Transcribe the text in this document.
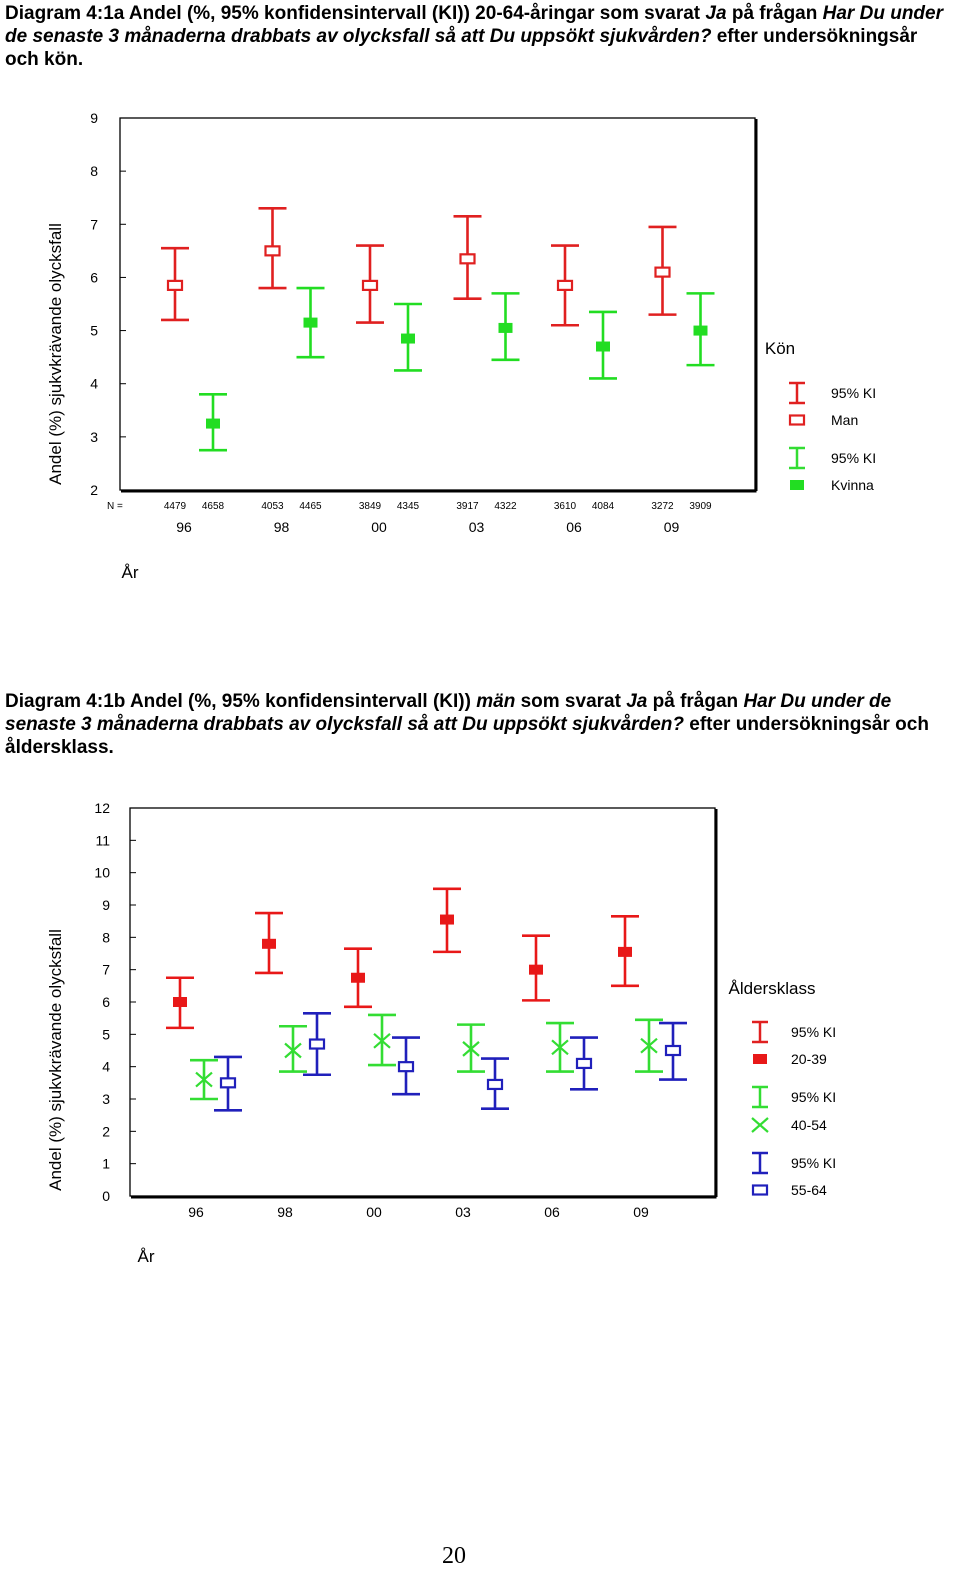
Diagram 4:1a Andel (%, 95% konfidensintervall (KI)) 20-64-åringar som svarat Ja på frågan Har Du under de senaste 3 månaderna drabbats av olycksfall så att Du uppsökt sjukvården? efter undersökningsår och kön.
Diagram 4:1b Andel (%, 95% konfidensintervall (KI)) män som svarat Ja på frågan Har Du under de senaste 3 månaderna drabbats av olycksfall så att Du uppsökt sjukvården? efter undersökningsår och åldersklass.
2
3
4
5
6
7
8
9
Andel (%) sjukvkrävande olycksfall
N =
96	98	00	03	06	09
4479	4053	3849	3917	3610	3272
4658	4465	4345	4322	4084	3909
År
Kön
95% KI
Man
95% KI
Kvinna
0
1
2
3
4
5
6
7
8
9
10
11
12
Andel (%) sjukvkrävande olycksfall
96	98	00	03	06	09
År
Åldersklass
95% KI
20-39
95% KI
40-54
95% KI
55-64
20
